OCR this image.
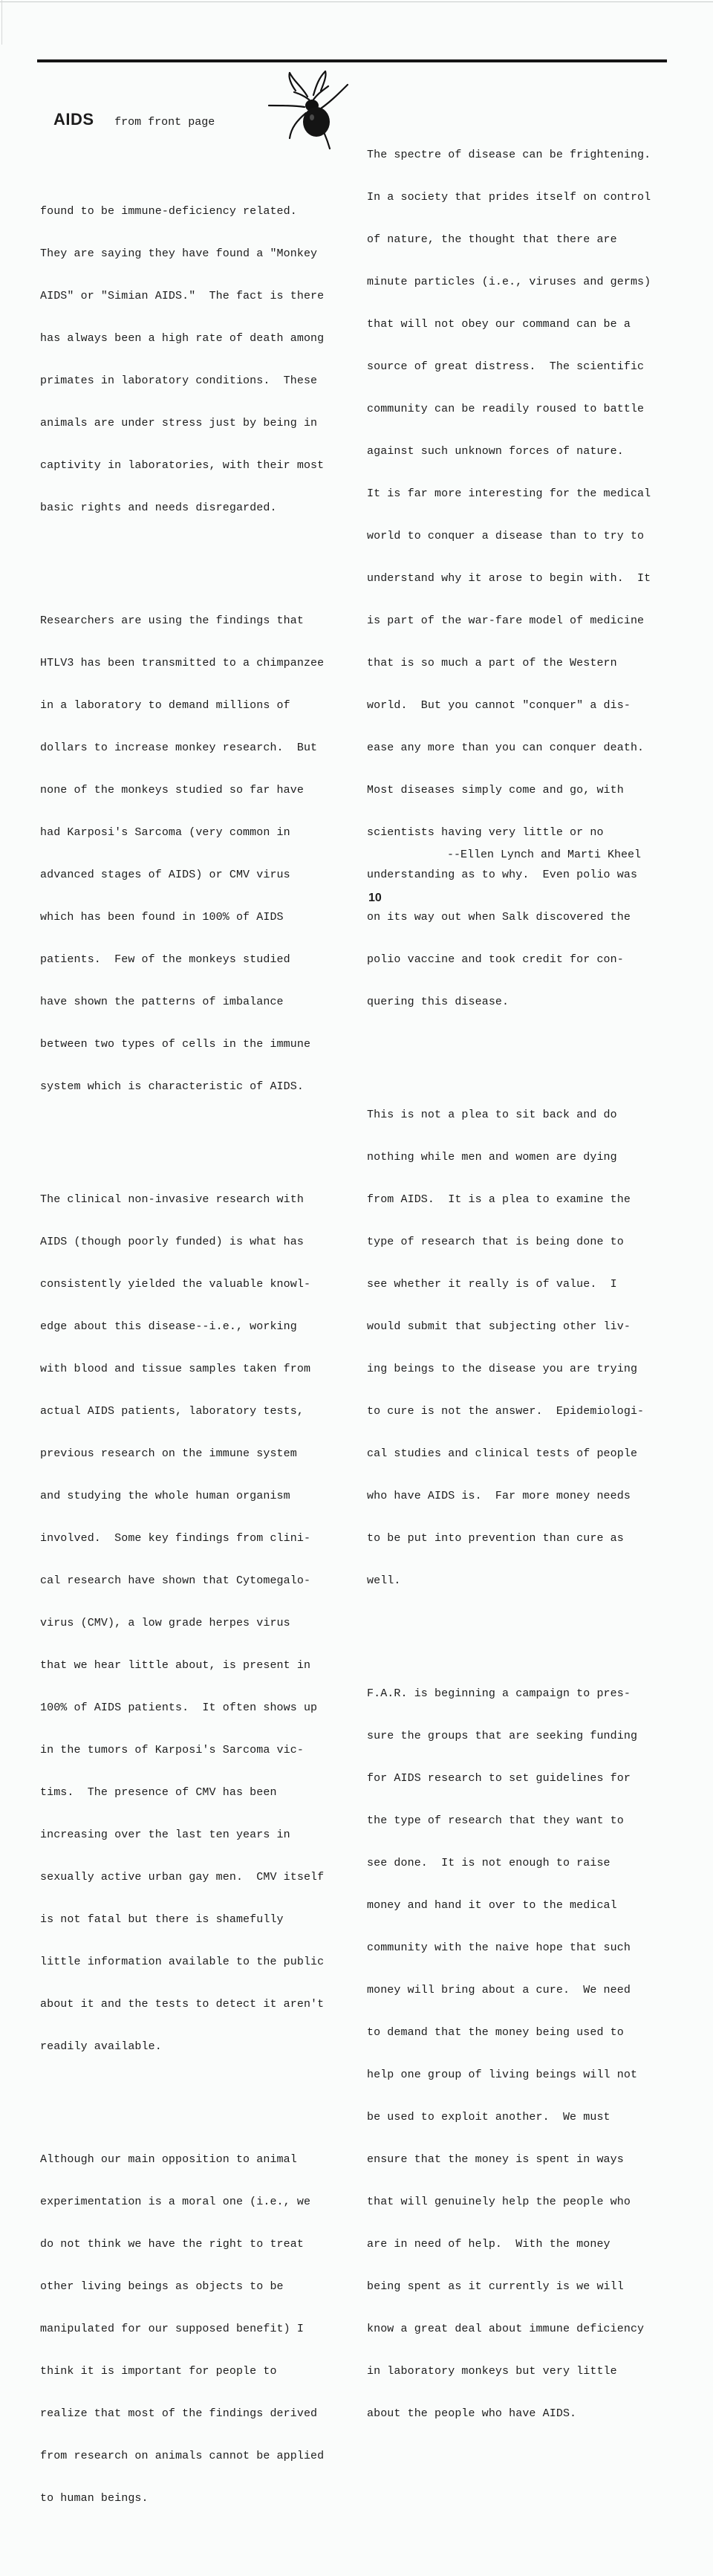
AIDS from front page

found to be immune-deficiency related.

They are saying they have found a "Monkey

AIDS" or "Simian AIDS."  The fact is there

has always been a high rate of death among

primates in laboratory conditions.  These

animals are under stress just by being in

captivity in laboratories, with their most

basic rights and needs disregarded.

Researchers are using the findings that

HTLV3 has been transmitted to a chimpanzee

in a laboratory to demand millions of

dollars to increase monkey research.  But

none of the monkeys studied so far have

had Karposi's Sarcoma (very common in

advanced stages of AIDS) or CMV virus

which has been found in 100% of AIDS

patients.  Few of the monkeys studied

have shown the patterns of imbalance

between two types of cells in the immune

system which is characteristic of AIDS.

The clinical non-invasive research with

AIDS (though poorly funded) is what has

consistently yielded the valuable knowl-

edge about this disease--i.e., working

with blood and tissue samples taken from

actual AIDS patients, laboratory tests,

previous research on the immune system

and studying the whole human organism

involved.  Some key findings from clini-

cal research have shown that Cytomegalo-

virus (CMV), a low grade herpes virus

that we hear little about, is present in

100% of AIDS patients.  It often shows up

in the tumors of Karposi's Sarcoma vic-

tims.  The presence of CMV has been

increasing over the last ten years in

sexually active urban gay men.  CMV itself

is not fatal but there is shamefully

little information available to the public

about it and the tests to detect it aren't

readily available.

Although our main opposition to animal

experimentation is a moral one (i.e., we

do not think we have the right to treat

other living beings as objects to be

manipulated for our supposed benefit) I

think it is important for people to

realize that most of the findings derived

from research on animals cannot be applied

to human beings.

The spectre of disease can be frightening.

In a society that prides itself on control

of nature, the thought that there are

minute particles (i.e., viruses and germs)

that will not obey our command can be a

source of great distress.  The scientific

community can be readily roused to battle

against such unknown forces of nature.

It is far more interesting for the medical

world to conquer a disease than to try to

understand why it arose to begin with.  It

is part of the war-fare model of medicine

that is so much a part of the Western

world.  But you cannot "conquer" a dis-

ease any more than you can conquer death.

Most diseases simply come and go, with

scientists having very little or no

understanding as to why.  Even polio was

on its way out when Salk discovered the

polio vaccine and took credit for con-

quering this disease.

This is not a plea to sit back and do

nothing while men and women are dying

from AIDS.  It is a plea to examine the

type of research that is being done to

see whether it really is of value.  I

would submit that subjecting other liv-

ing beings to the disease you are trying

to cure is not the answer.  Epidemiologi-

cal studies and clinical tests of people

who have AIDS is.  Far more money needs

to be put into prevention than cure as

well.

F.A.R. is beginning a campaign to pres-

sure the groups that are seeking funding

for AIDS research to set guidelines for

the type of research that they want to

see done.  It is not enough to raise

money and hand it over to the medical

community with the naive hope that such

money will bring about a cure.  We need

to demand that the money being used to

help one group of living beings will not

be used to exploit another.  We must

ensure that the money is spent in ways

that will genuinely help the people who

are in need of help.  With the money

being spent as it currently is we will

know a great deal about immune deficiency

in laboratory monkeys but very little

about the people who have AIDS.

--Ellen Lynch and Marti Kheel
10
